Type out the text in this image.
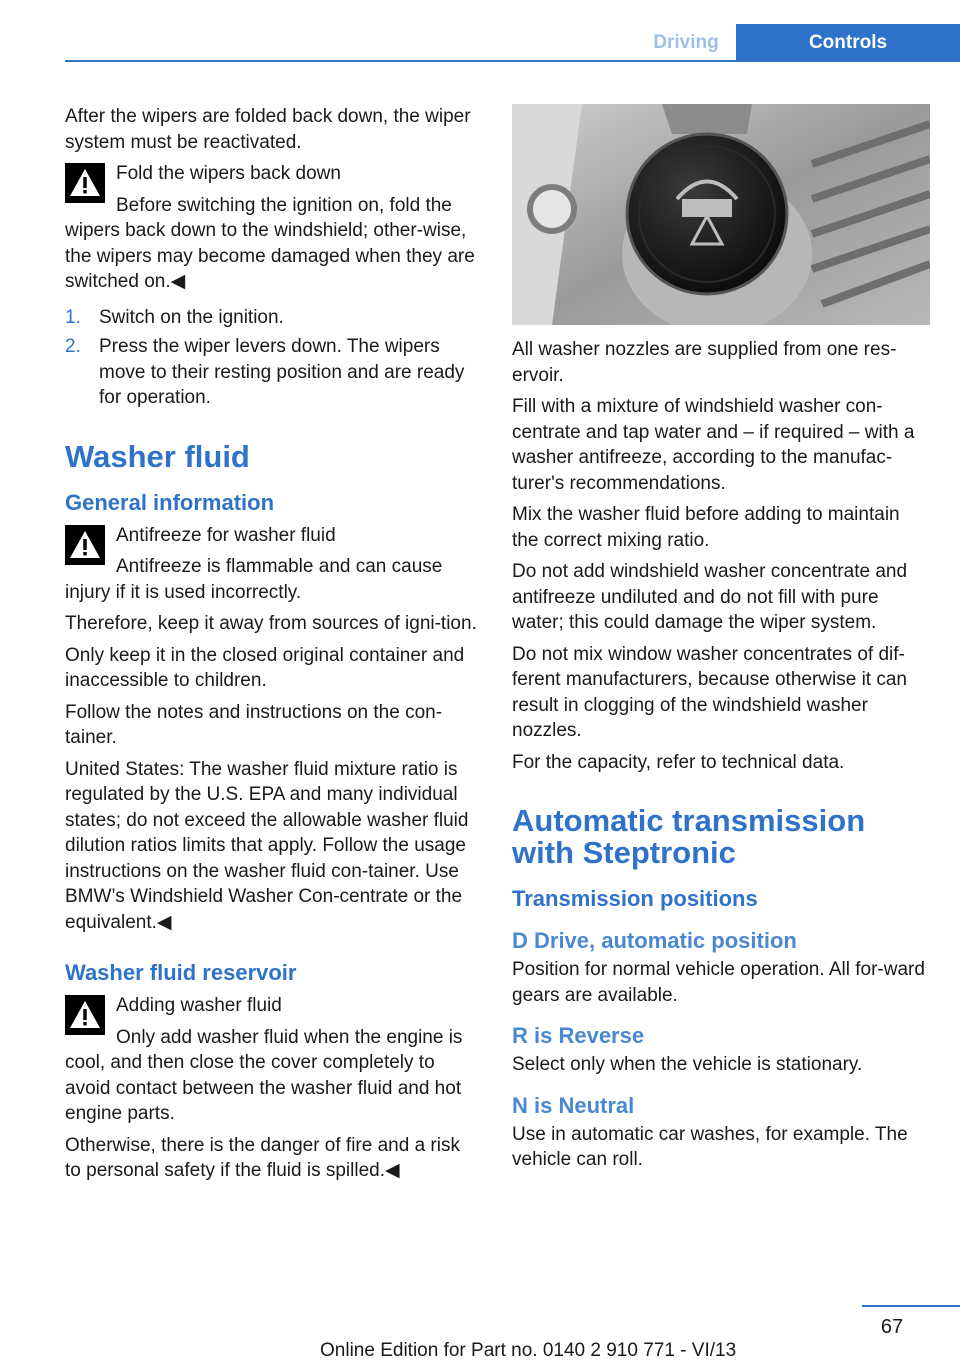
Driving	Controls

After the wipers are folded back down, the wiper system must be reactivated.

Fold the wipers back down

Before switching the ignition on, fold the wipers back down to the windshield; other‐wise, the wipers may become damaged when they are switched on.◀

1. Switch on the ignition.
2. Press the wiper levers down. The wipers move to their resting position and are ready for operation.
Washer fluid
General information

Antifreeze for washer fluid

Antifreeze is flammable and can cause injury if it is used incorrectly.

Therefore, keep it away from sources of igni‐tion.

Only keep it in the closed original container and inaccessible to children.

Follow the notes and instructions on the con‐tainer.

United States: The washer fluid mixture ratio is regulated by the U.S. EPA and many individual states; do not exceed the allowable washer fluid dilution ratios limits that apply. Follow the usage instructions on the washer fluid con‐tainer. Use BMW’s Windshield Washer Con‐centrate or the equivalent.◀

Washer fluid reservoir

Adding washer fluid

Only add washer fluid when the engine is cool, and then close the cover completely to avoid contact between the washer fluid and hot engine parts.

Otherwise, there is the danger of fire and a risk to personal safety if the fluid is spilled.◀

All washer nozzles are supplied from one res‐ervoir.

Fill with a mixture of windshield washer con‐centrate and tap water and – if required – with a washer antifreeze, according to the manufac‐turer's recommendations.

Mix the washer fluid before adding to maintain the correct mixing ratio.

Do not add windshield washer concentrate and antifreeze undiluted and do not fill with pure water; this could damage the wiper system.

Do not mix window washer concentrates of dif‐ferent manufacturers, because otherwise it can result in clogging of the windshield washer nozzles.

For the capacity, refer to technical data.

Automatic transmission with Steptronic
Transmission positions
D Drive, automatic position

Position for normal vehicle operation. All for‐ward gears are available.

R is Reverse

Select only when the vehicle is stationary.

N is Neutral

Use in automatic car washes, for example. The vehicle can roll.

67
Online Edition for Part no. 0140 2 910 771 - VI/13
